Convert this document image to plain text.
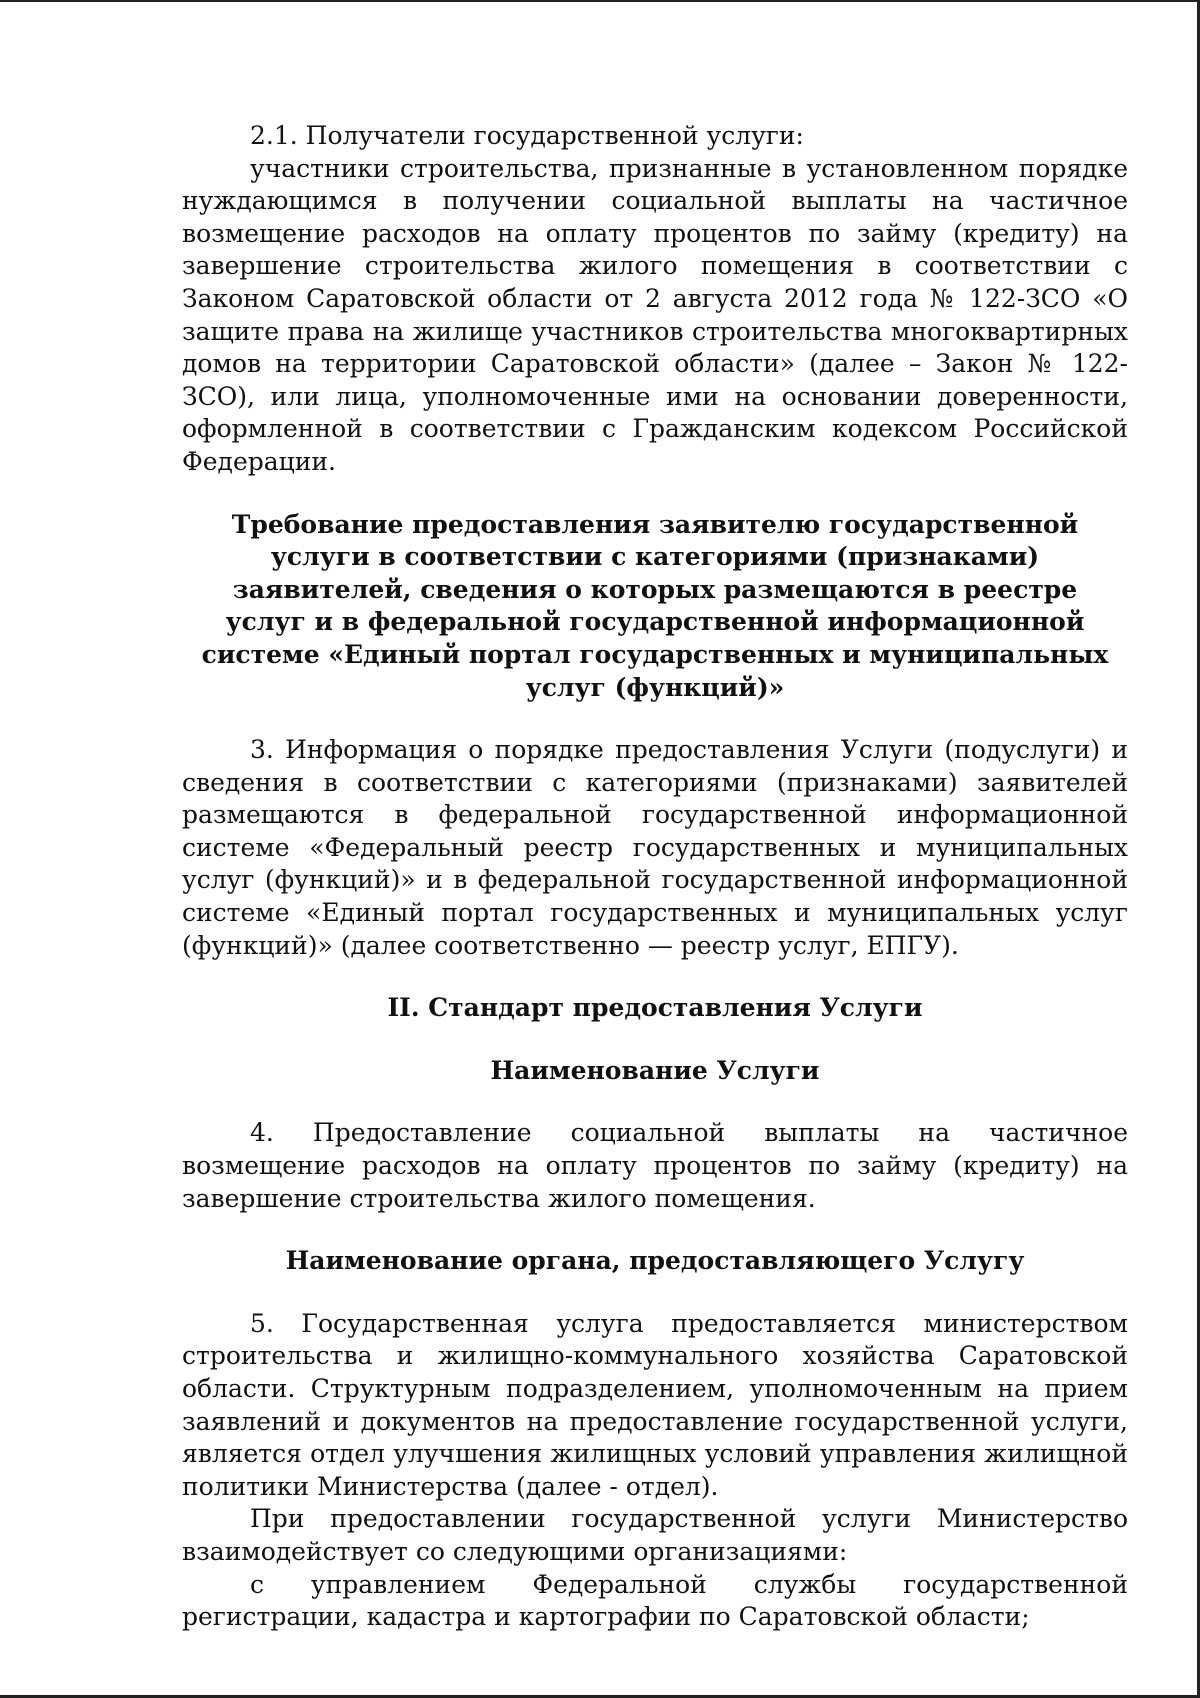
2.1. Получатели государственной услуги:

участники строительства, признанные в установленном порядке нуждающимся в получении социальной выплаты на частичное возмещение расходов на оплату процентов по займу (кредиту) на завершение строительства жилого помещения в соответствии с Законом Саратовской области от 2 августа 2012 года № 122-ЗСО «О защите права на жилище участников строительства многоквартирных домов на территории Саратовской области» (далее – Закон № 122-ЗСО), или лица, уполномоченные ими на основании доверенности, оформленной в соответствии с Гражданским кодексом Российской Федерации.

Требование предоставления заявителю государственной услуги в соответствии с категориями (признаками) заявителей, сведения о которых размещаются в реестре услуг и в федеральной государственной информационной системе «Единый портал государственных и муниципальных услуг (функций)»

3. Информация о порядке предоставления Услуги (подуслуги) и сведения в соответствии с категориями (признаками) заявителей размещаются в федеральной государственной информационной системе «Федеральный реестр государственных и муниципальных услуг (функций)» и в федеральной государственной информационной системе «Единый портал государственных и муниципальных услуг (функций)» (далее соответственно — реестр услуг, ЕПГУ).

II. Стандарт предоставления Услуги

Наименование Услуги

4. Предоставление социальной выплаты на частичное возмещение расходов на оплату процентов по займу (кредиту) на завершение строительства жилого помещения.

Наименование органа, предоставляющего Услугу

5. Государственная услуга предоставляется министерством строительства и жилищно-коммунального хозяйства Саратовской области. Структурным подразделением, уполномоченным на прием заявлений и документов на предоставление государственной услуги, является отдел улучшения жилищных условий управления жилищной политики Министерства (далее - отдел).

При предоставлении государственной услуги Министерство взаимодействует со следующими организациями:

с управлением Федеральной службы государственной регистрации, кадастра и картографии по Саратовской области;
